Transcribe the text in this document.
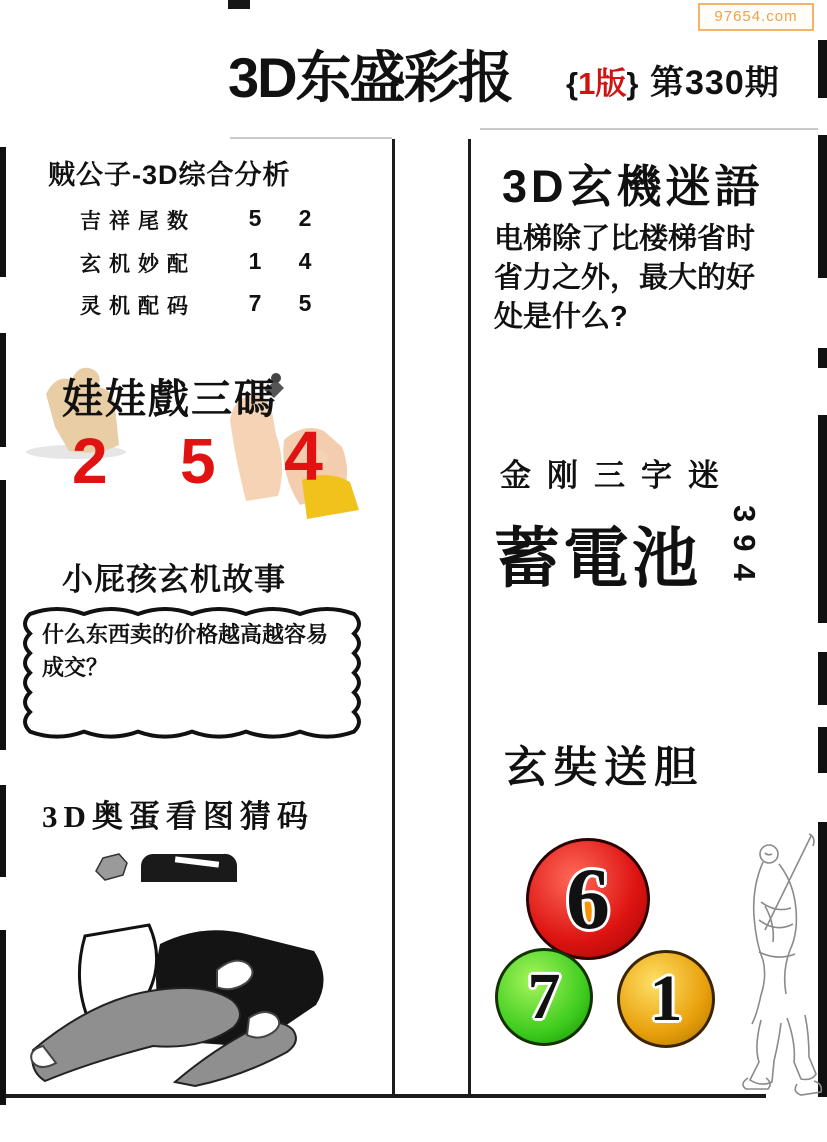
97654.com
3D东盛彩报 {1版} 第330期
贼公子-3D综合分析
吉祥尾数	5	2
玄机妙配	1	4
灵机配码	7	5
娃娃戲三碼
2 5 4
小屁孩玄机故事
什么东西卖的价格越高越容易成交？
3D奥蛋看图猜码
3D玄機迷語
电梯除了比楼梯省时
省力之外，最大的好
处是什么?
金刚三字迷
蓄電池 394
玄奘送胆
6
7 1
